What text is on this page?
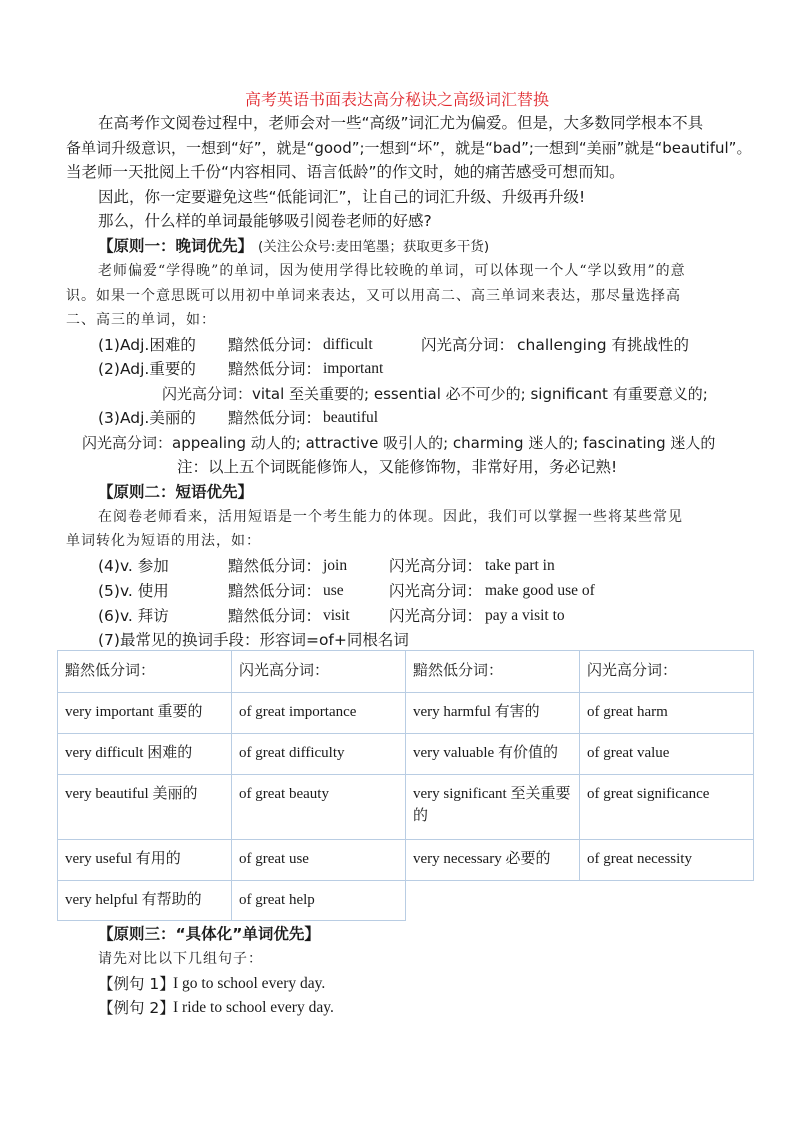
高考英语书面表达高分秘诀之高级词汇替换
在高考作文阅卷过程中，老师会对一些“高级”词汇尤为偏爱。但是，大多数同学根本不具
备单词升级意识，一想到“好”，就是“good”;一想到“坏”，就是“bad”;一想到“美丽”就是“beautiful”。
当老师一天批阅上千份“内容相同、语言低龄”的作文时，她的痛苦感受可想而知。
因此，你一定要避免这些“低能词汇”，让自己的词汇升级、升级再升级!
那么，什么样的单词最能够吸引阅卷老师的好感?
【原则一：晚词优先】 (关注公众号:麦田笔墨；获取更多干货)
老师偏爱“学得晚”的单词，因为使用学得比较晚的单词，可以体现一个人“学以致用”的意
识。如果一个意思既可以用初中单词来表达，又可以用高二、高三单词来表达，那尽量选择高
二、高三的单词，如：
(1)Adj.困难的 黯然低分词： difficult	闪光高分词： challenging 有挑战性的
(2)Adj.重要的 黯然低分词： important
闪光高分词：vital 至关重要的; essential 必不可少的; significant 有重要意义的;
(3)Adj.美丽的 黯然低分词： beautiful
闪光高分词：appealing 动人的; attractive 吸引人的; charming 迷人的; fascinating 迷人的
注：以上五个词既能修饰人，又能修饰物，非常好用，务必记熟!
【原则二：短语优先】
在阅卷老师看来，活用短语是一个考生能力的体现。因此，我们可以掌握一些将某些常见
单词转化为短语的用法，如：
(4)v. 参加	黯然低分词： join	闪光高分词： take part in
(5)v. 使用	黯然低分词： use	闪光高分词： make good use of
(6)v. 拜访	黯然低分词： visit	闪光高分词： pay a visit to
(7)最常见的换词手段：形容词=of+同根名词
黯然低分词：	闪光高分词：	黯然低分词：	闪光高分词：
very important 重要的	of great importance	very harmful 有害的	of great harm
very difficult 困难的	of great difficulty	very valuable 有价值的	of great value
very beautiful 美丽的	of great beauty	very significant 至关重要的	of great significance
very useful 有用的	of great use	very necessary 必要的	of great necessity
very helpful 有帮助的	of great help		
【原则三：“具体化”单词优先】
请先对比以下几组句子：
【例句 1】
I go to school every day.
【例句 2】
I ride to school every day.
